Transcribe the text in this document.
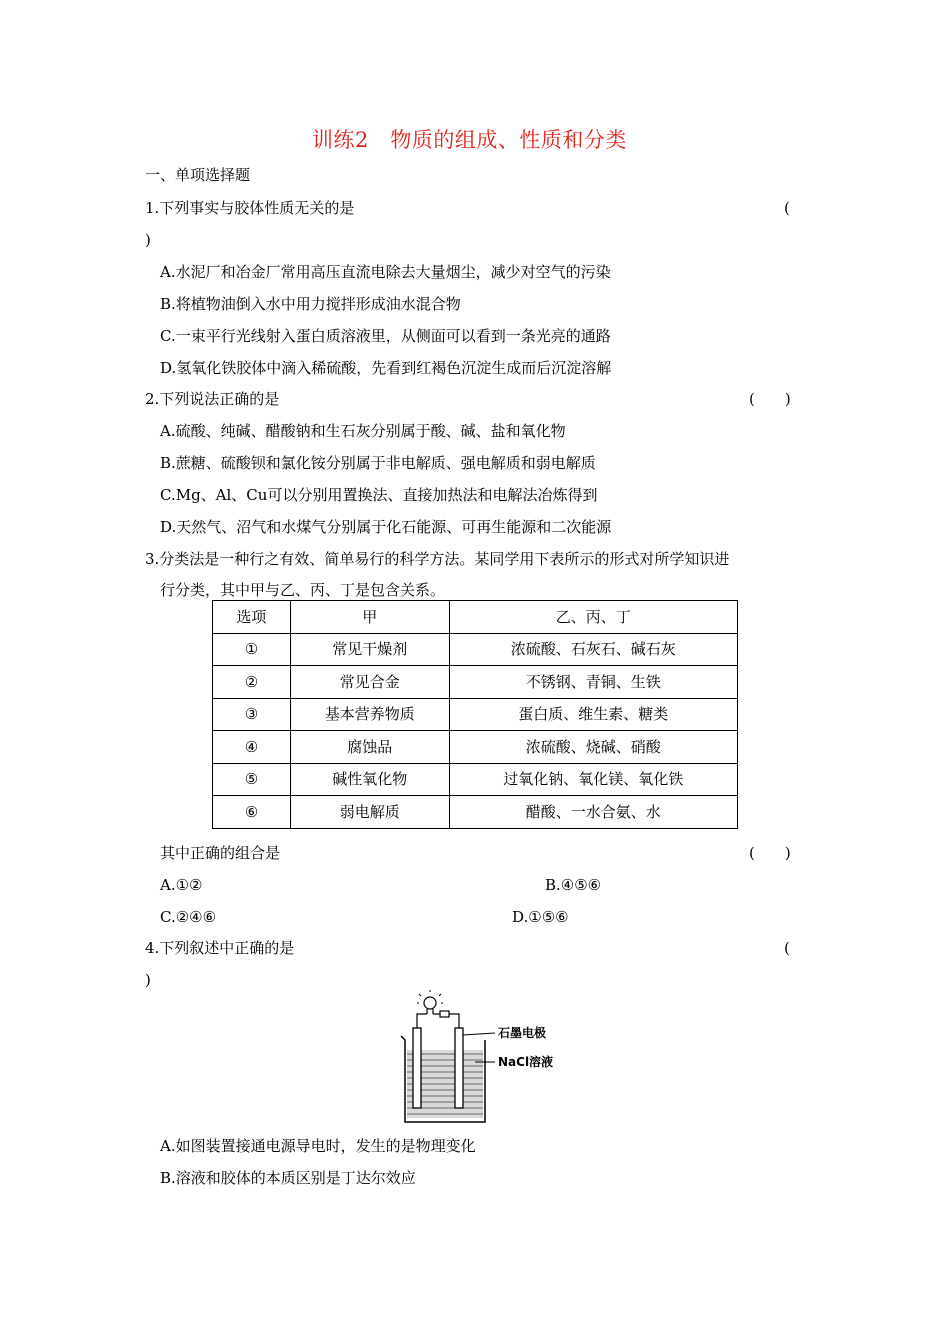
训练2　物质的组成、性质和分类
一、单项选择题
1.下列事实与胶体性质无关的是	(
)
A.水泥厂和冶金厂常用高压直流电除去大量烟尘，减少对空气的污染
B.将植物油倒入水中用力搅拌形成油水混合物
C.一束平行光线射入蛋白质溶液里，从侧面可以看到一条光亮的通路
D.氢氧化铁胶体中滴入稀硫酸，先看到红褐色沉淀生成而后沉淀溶解
2.下列说法正确的是	(　　)
A.硫酸、纯碱、醋酸钠和生石灰分别属于酸、碱、盐和氧化物
B.蔗糖、硫酸钡和氯化铵分别属于非电解质、强电解质和弱电解质
C.Mg、Al、Cu可以分别用置换法、直接加热法和电解法冶炼得到
D.天然气、沼气和水煤气分别属于化石能源、可再生能源和二次能源
3.分类法是一种行之有效、简单易行的科学方法。某同学用下表所示的形式对所学知识进
行分类，其中甲与乙、丙、丁是包含关系。
选项	甲	乙、丙、丁
①	常见干燥剂	浓硫酸、石灰石、碱石灰
②	常见合金	不锈钢、青铜、生铁
③	基本营养物质	蛋白质、维生素、糖类
④	腐蚀品	浓硫酸、烧碱、硝酸
⑤	碱性氧化物	过氧化钠、氧化镁、氧化铁
⑥	弱电解质	醋酸、一水合氨、水
其中正确的组合是	(　　)
A.①②	B.④⑤⑥
C.②④⑥	D.①⑤⑥
4.下列叙述中正确的是	(
)
石墨电极
NaCl溶液
A.如图装置接通电源导电时，发生的是物理变化
B.溶液和胶体的本质区别是丁达尔效应
